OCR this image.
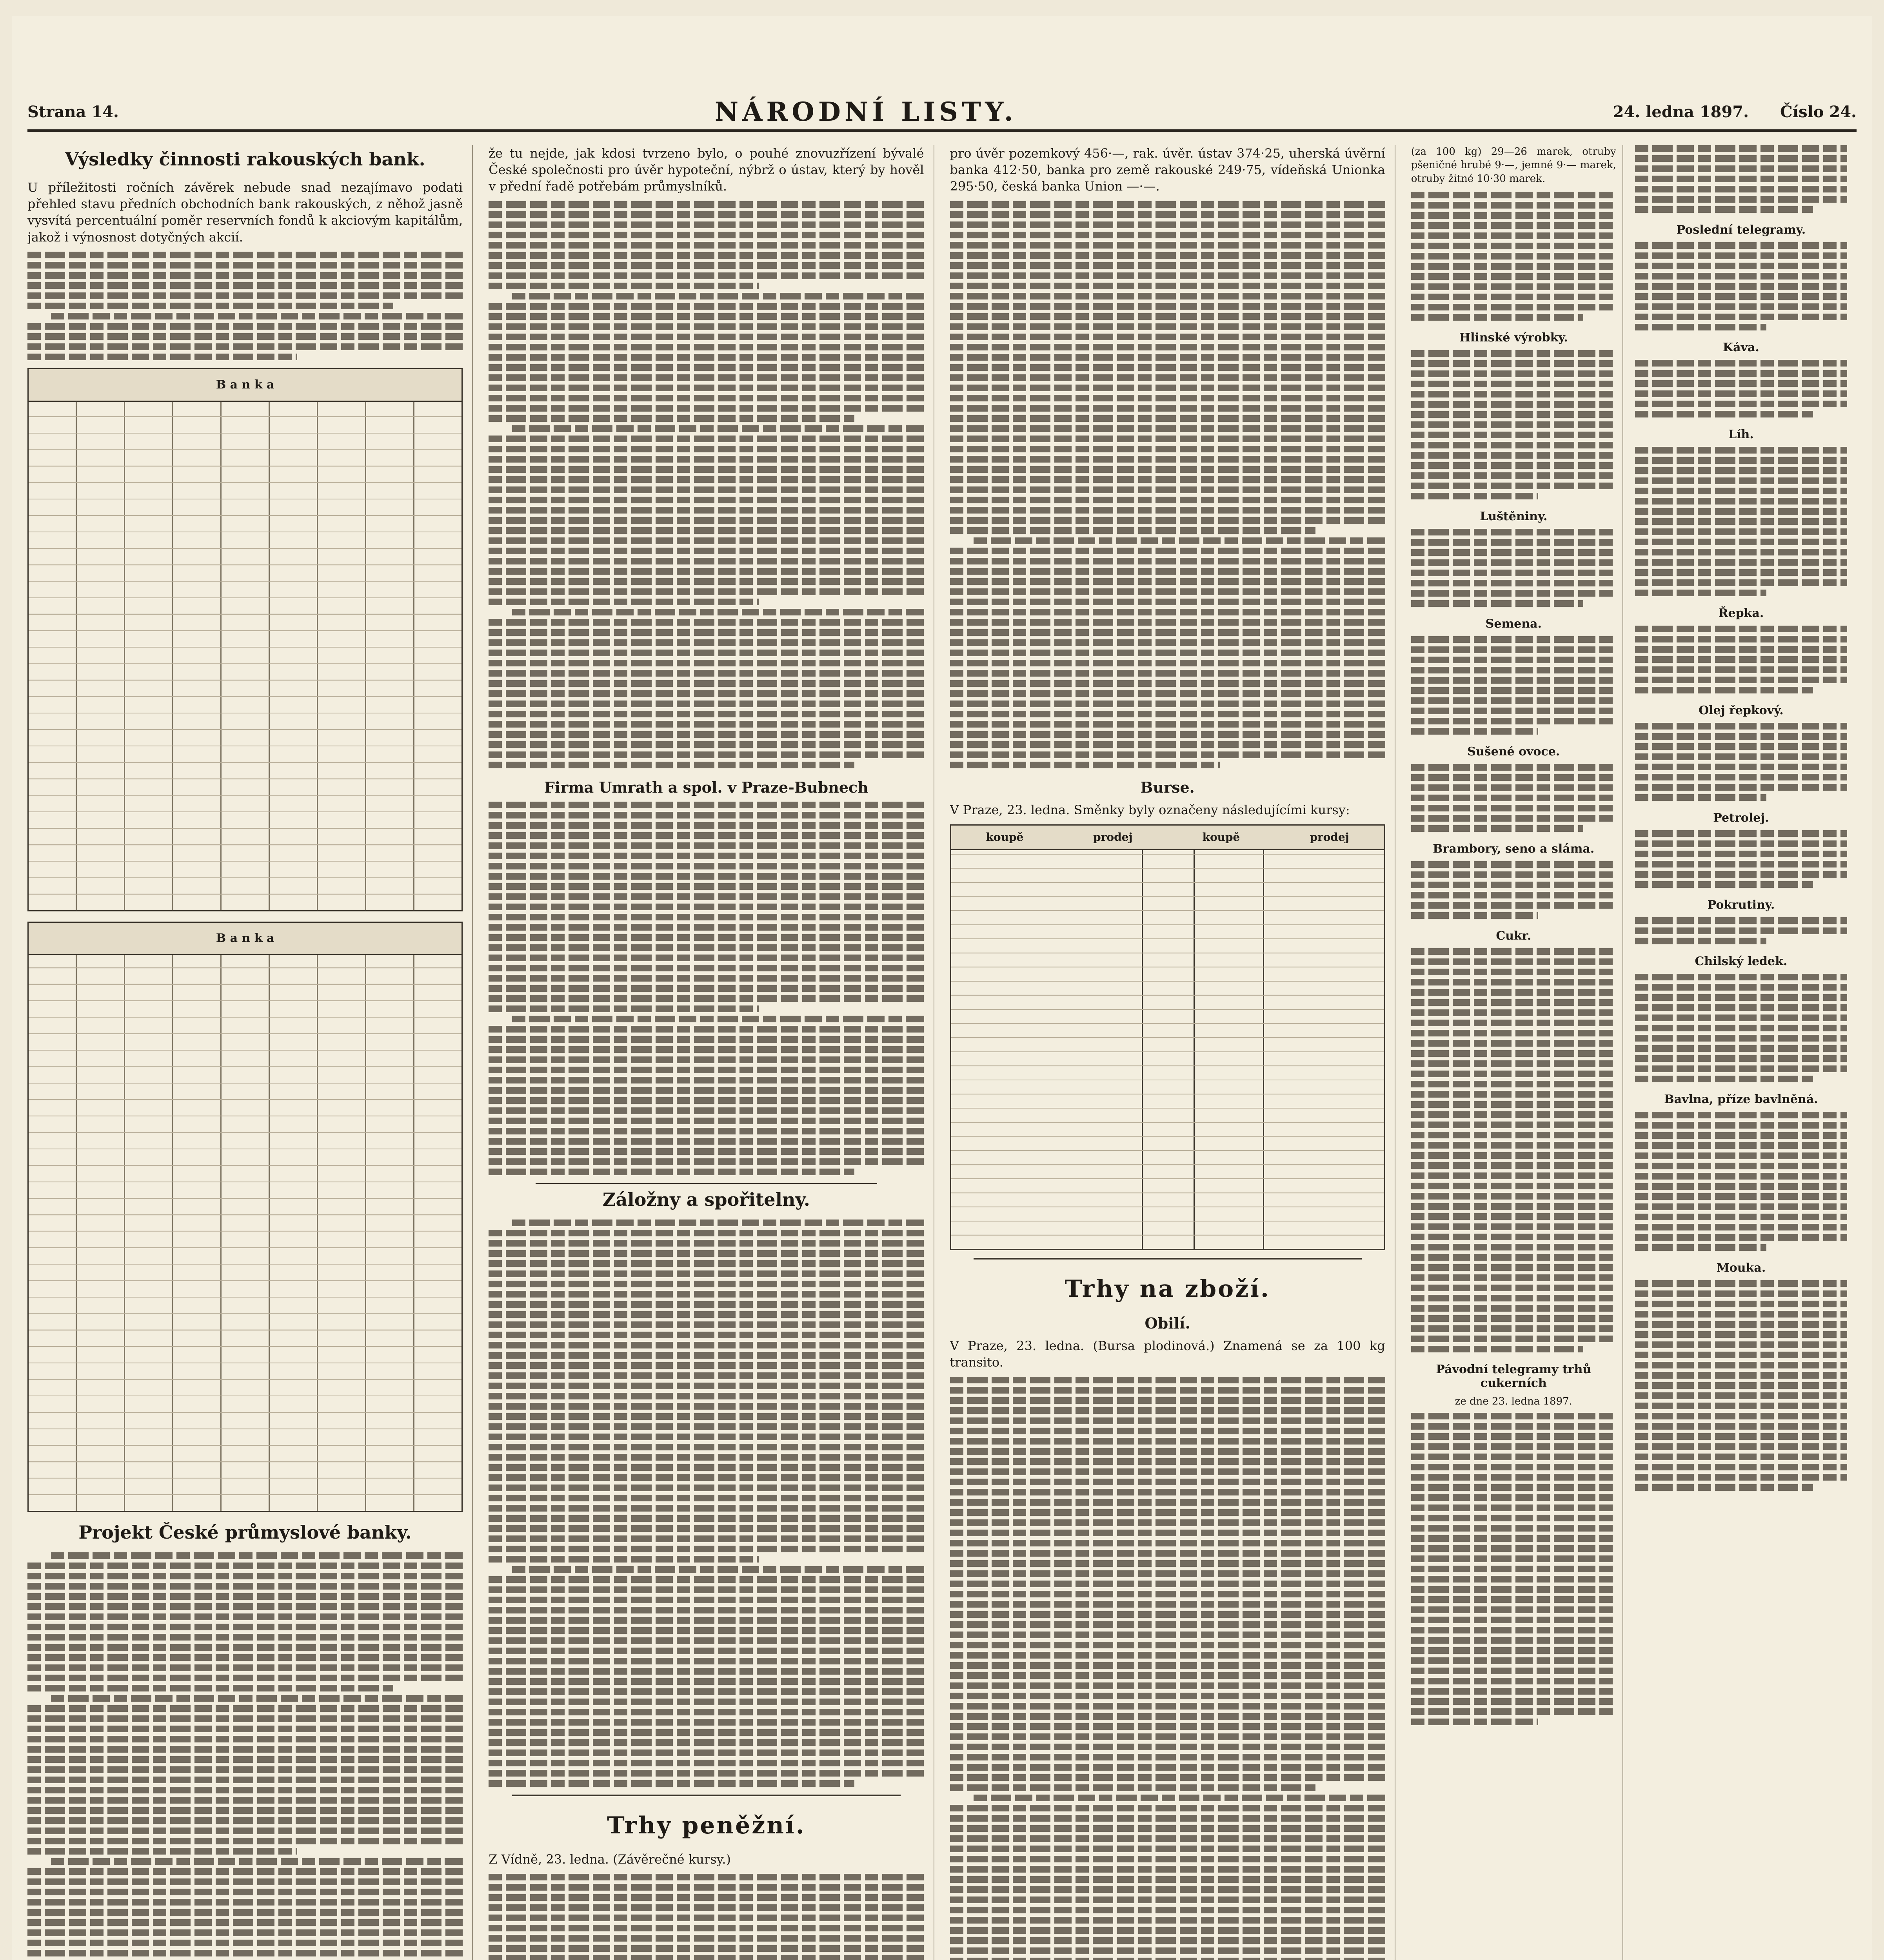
Strana 14.	NÁRODNÍ LISTY.	24. ledna 1897. Číslo 24.
Výsledky činnosti rakouských bank.

U příležitosti ročních závěrek nebude snad nezajímavo podati přehled stavu předních obchodních bank rakouských, z něhož jasně vysvítá percentuální poměr reservních fondů k akciovým kapitálům, jakož i výnosnost dotyčných akcií.

B a n k a
B a n k a
Projekt České průmyslové banky.

že tu nejde, jak kdosi tvrzeno bylo, o pouhé znovuzřízení bývalé České společnosti pro úvěr hypoteční, nýbrž o ústav, který by hověl v přední řadě potřebám průmyslníků.

Firma Umrath a spol. v Praze-Bubnech
Záložny a spořitelny.
Trhy peněžní.

Z Vídně, 23. ledna. (Závěrečné kursy.)

pro úvěr pozemkový 456·—, rak. úvěr. ústav 374·25, uherská úvěrní banka 412·50, banka pro země rakouské 249·75, vídeňská Unionka 295·50, česká banka Union —·—.

Burse.

V Praze, 23. ledna. Směnky byly označeny následujícími kursy:

koupě	prodej	koupě	prodej
Trhy na zboží.
Obilí.

V Praze, 23. ledna. (Bursa plodinová.) Znamená se za 100 kg transito.

(za 100 kg) 29—26 marek, otruby pšeničné hrubé 9·—, jemné 9·— marek, otruby žitné 10·30 marek.

Hlinské výrobky.
Luštěniny.
Semena.
Sušené ovoce.
Brambory, seno a sláma.
Cukr.
Pávodní telegramy trhů cukerních
ze dne 23. ledna 1897.
Poslední telegramy.
Káva.
Líh.
Řepka.
Olej řepkový.
Petrolej.
Pokrutiny.
Chilský ledek.
Bavlna, příze bavlněná.
Mouka.
